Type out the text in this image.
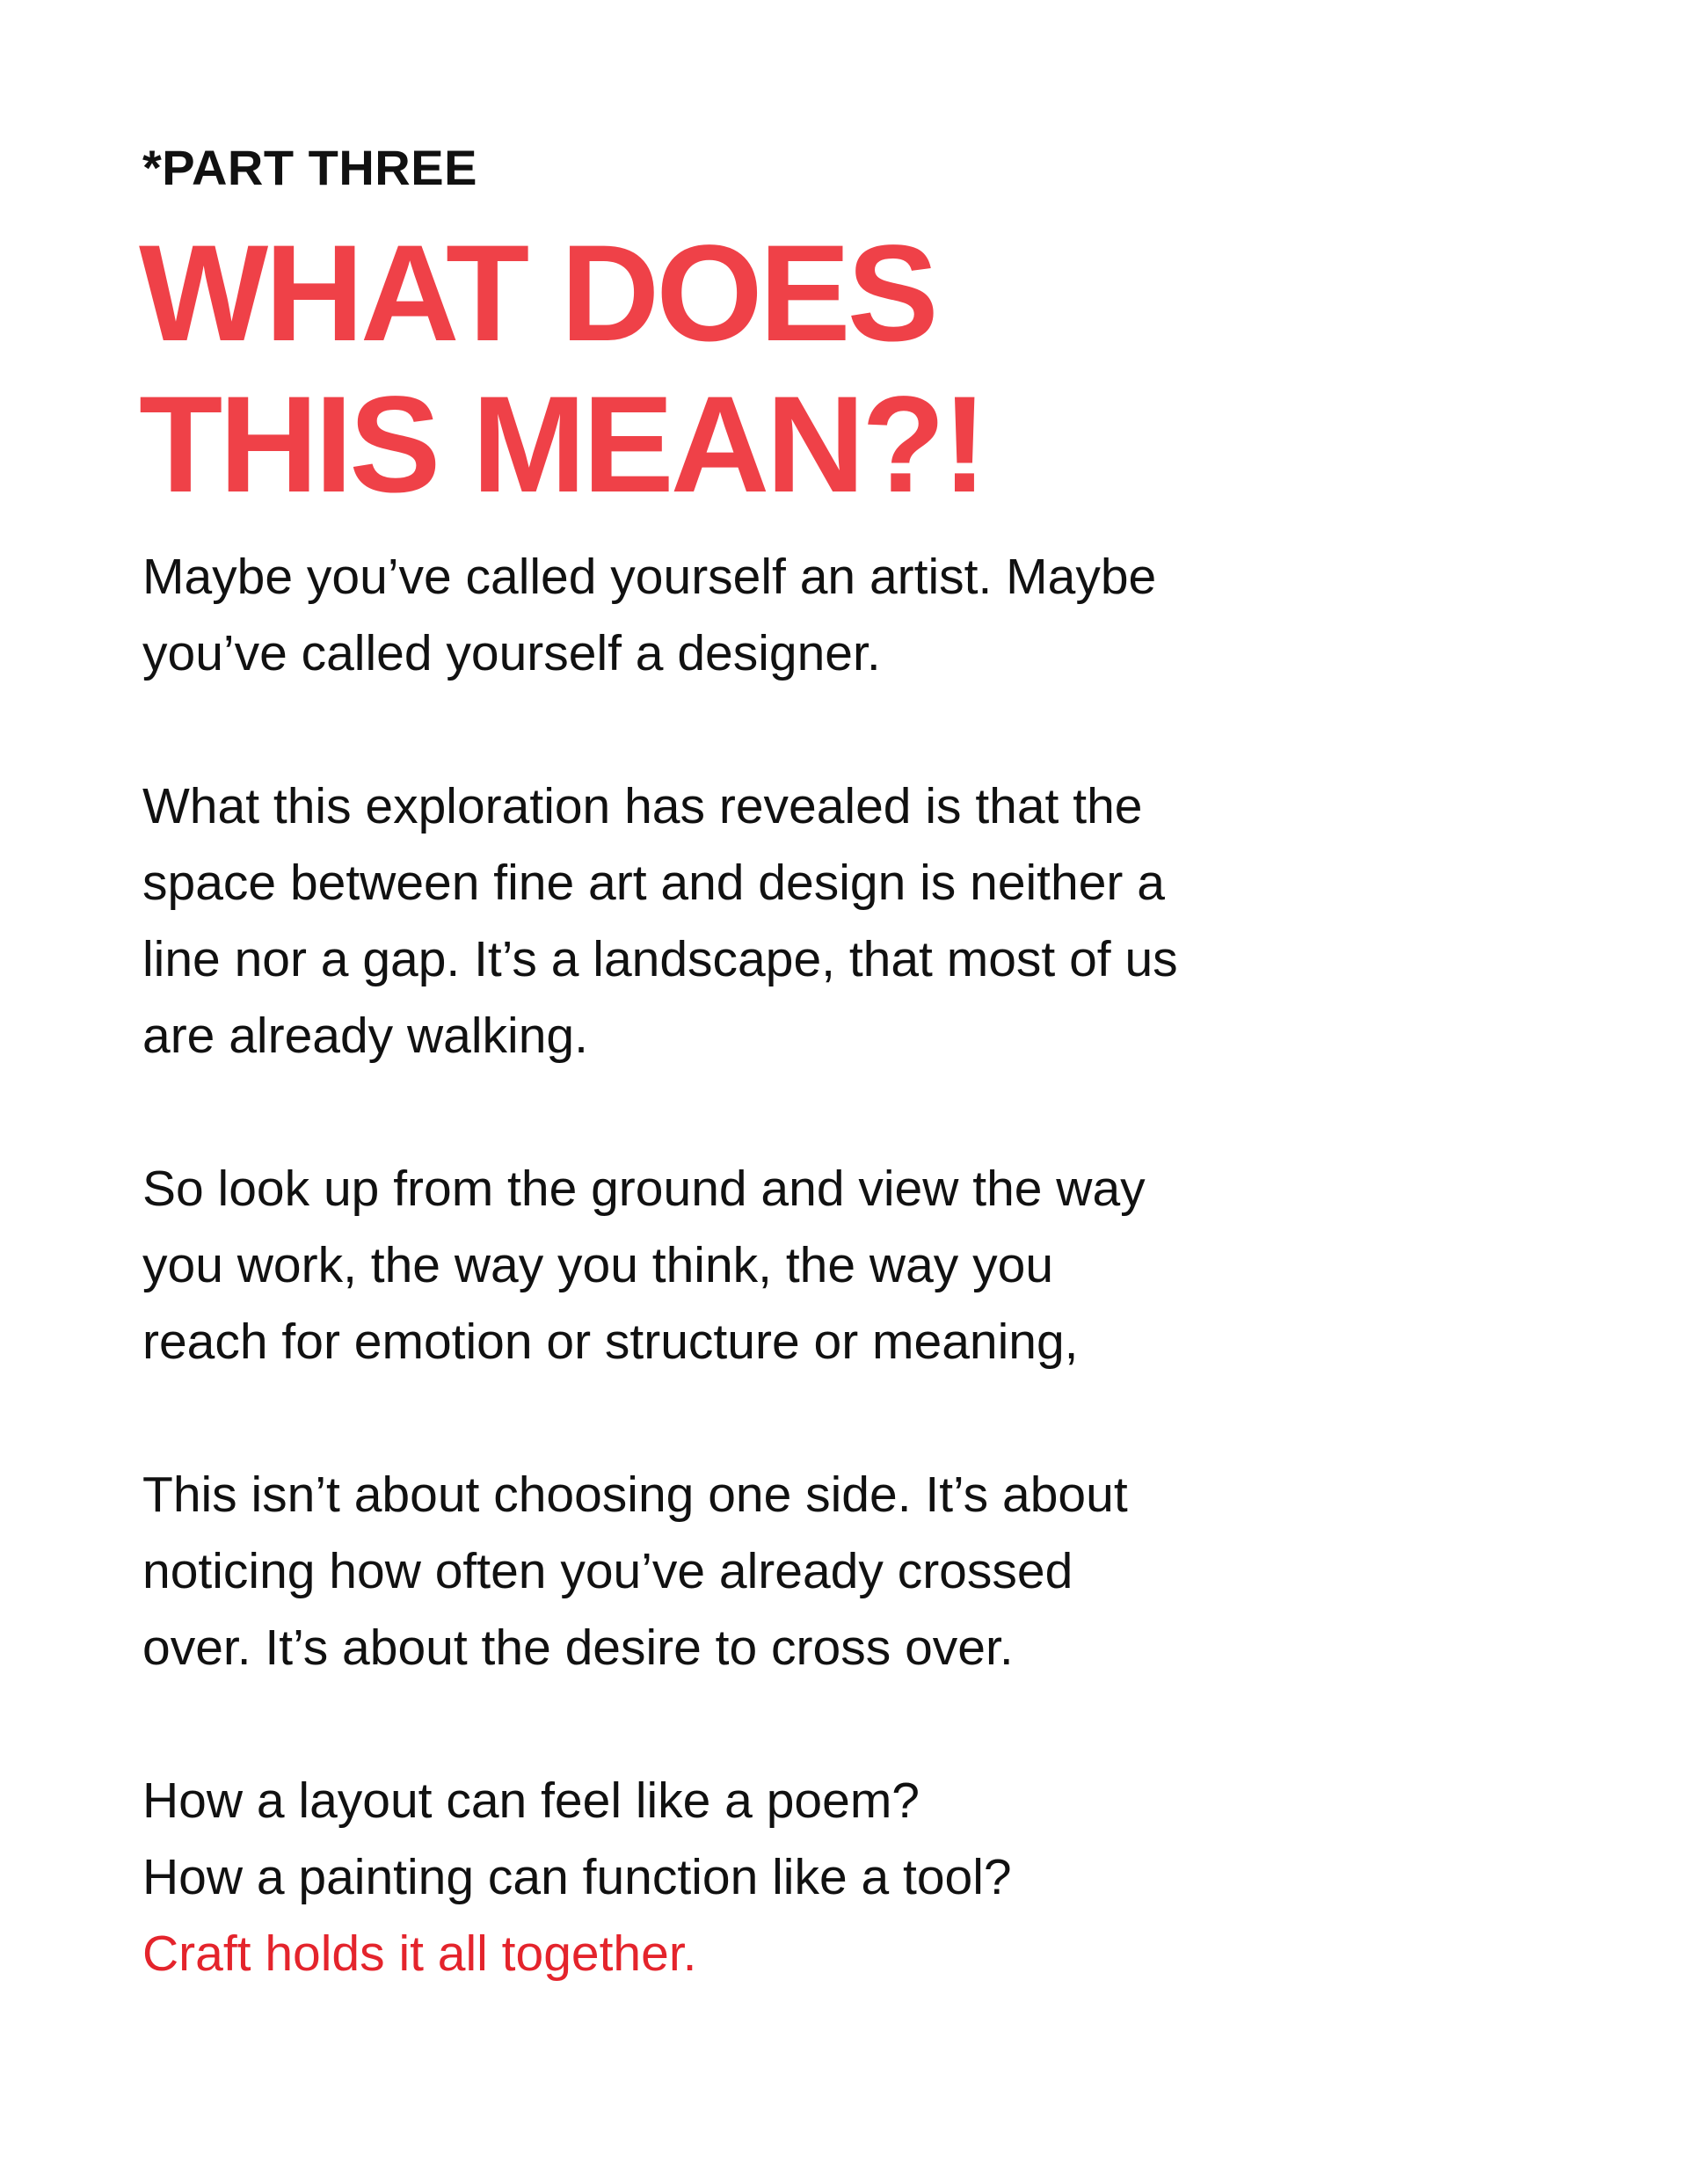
*PART THREE
WHAT DOES
THIS MEAN?!

Maybe you’ve called yourself an artist. Maybe
you’ve called yourself a designer.

What this exploration has revealed is that the
space between fine art and design is neither a
line nor a gap. It’s a landscape, that most of us
are already walking.

So look up from the ground and view the way
you work, the way you think, the way you
reach for emotion or structure or meaning,

This isn’t about choosing one side. It’s about
noticing how often you’ve already crossed
over. It’s about the desire to cross over.

How a layout can feel like a poem?
How a painting can function like a tool?
Craft holds it all together.
